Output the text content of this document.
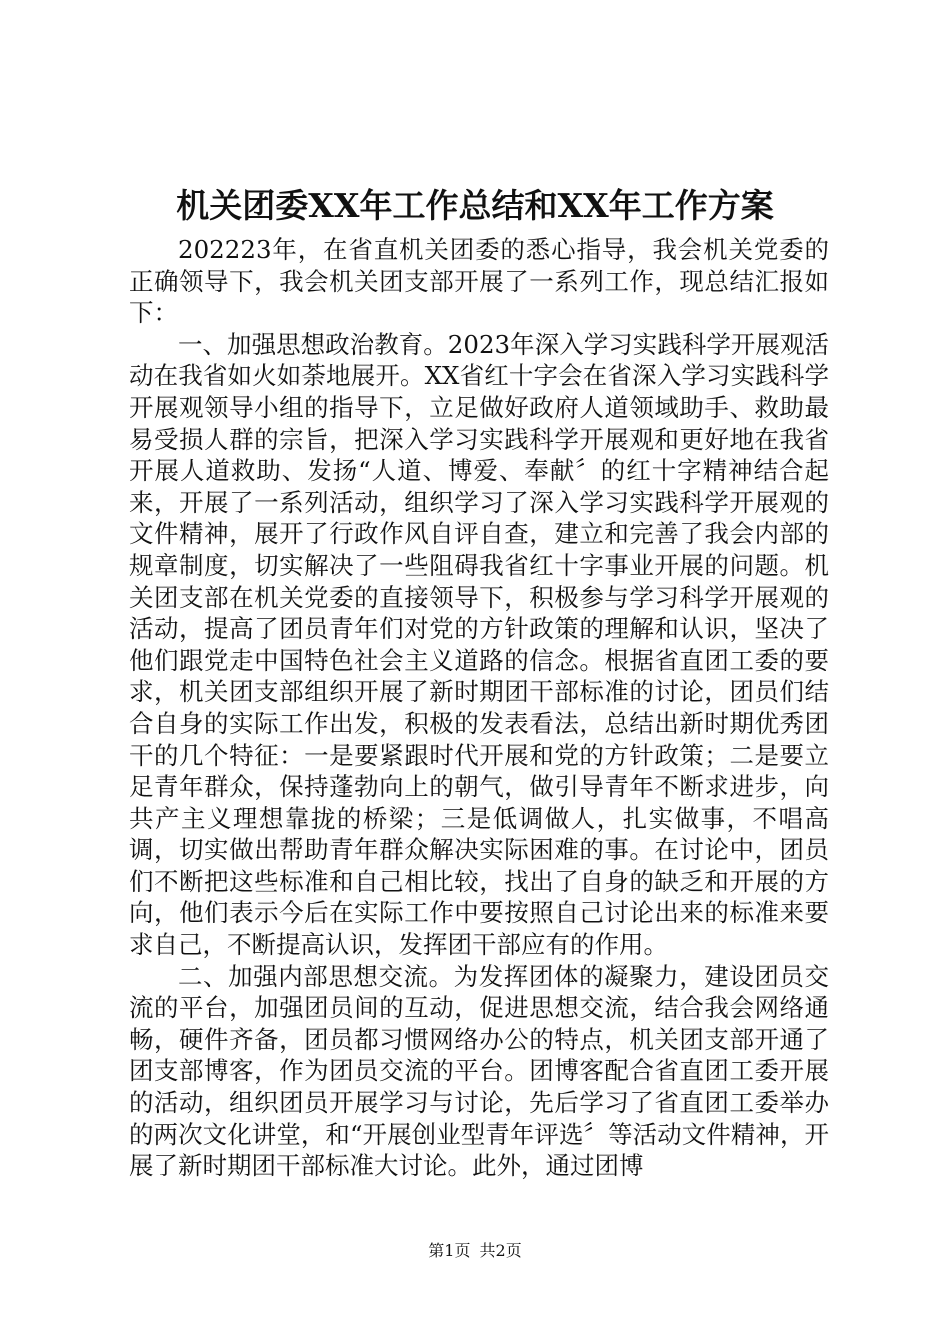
机关团委XX年工作总结和XX年工作方案

202223年，在省直机关团委的悉心指导，我会机关党委的正确领导下，我会机关团支部开展了一系列工作，现总结汇报如下：

一、加强思想政治教育。2023年深入学习实践科学开展观活动在我省如火如荼地展开。XX省红十字会在省深入学习实践科学开展观领导小组的指导下，立足做好政府人道领域助手、救助最易受损人群的宗旨，把深入学习实践科学开展观和更好地在我省开展人道救助、发扬“人道、博爱、奉献〞的红十字精神结合起来，开展了一系列活动，组织学习了深入学习实践科学开展观的文件精神，展开了行政作风自评自查，建立和完善了我会内部的规章制度，切实解决了一些阻碍我省红十字事业开展的问题。机关团支部在机关党委的直接领导下，积极参与学习科学开展观的活动，提高了团员青年们对党的方针政策的理解和认识，坚决了他们跟党走中国特色社会主义道路的信念。根据省直团工委的要求，机关团支部组织开展了新时期团干部标准的讨论，团员们结合自身的实际工作出发，积极的发表看法，总结出新时期优秀团干的几个特征：一是要紧跟时代开展和党的方针政策；二是要立足青年群众，保持蓬勃向上的朝气，做引导青年不断求进步，向共产主义理想靠拢的桥梁；三是低调做人，扎实做事，不唱高调，切实做出帮助青年群众解决实际困难的事。在讨论中，团员们不断把这些标准和自己相比较，找出了自身的缺乏和开展的方向，他们表示今后在实际工作中要按照自己讨论出来的标准来要求自己，不断提高认识，发挥团干部应有的作用。

二、加强内部思想交流。为发挥团体的凝聚力，建设团员交流的平台，加强团员间的互动，促进思想交流，结合我会网络通畅，硬件齐备，团员都习惯网络办公的特点，机关团支部开通了团支部博客，作为团员交流的平台。团博客配合省直团工委开展的活动，组织团员开展学习与讨论，先后学习了省直团工委举办的两次文化讲堂，和“开展创业型青年评选〞等活动文件精神，开展了新时期团干部标准大讨论。此外，通过团博

第1页 共2页
